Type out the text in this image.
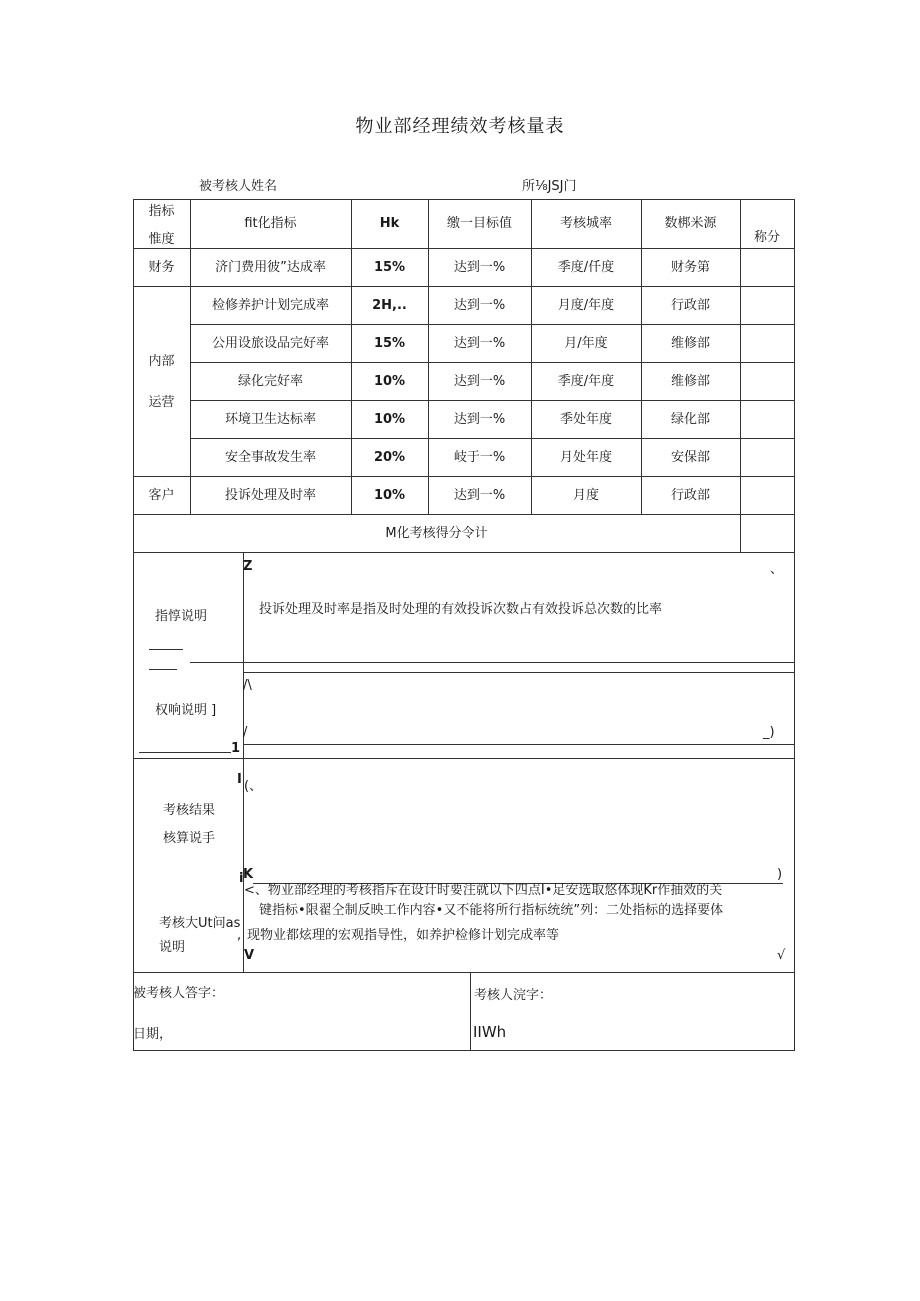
物业部经理绩效考核量表
被考核人姓名	所⅛JSJ门
指标
惟度
fit化指标	Hk	缴一目标值	考核城率	数梆米源
称分
财务	济门费用彼”达成率	15%	达到一%	季度/仟度	财务第
内部
运营
检修养护计划完成率	2H,..	达到一%	月度/年度	行政部
公用设旅设品完好率	15%	达到一%	月/年度	维修部
绿化完好率	10%	达到一%	季度/年度	维修部
环境卫生达标率	10%	达到一%	季处年度	绿化部
安全事故发生率	20%	岐于一%	月处年度	安保部
客户	投诉处理及时率	10%	达到一%	月度	行政部
M化考核得分令计
指惇说明
Z	、
投诉处理及时率是指及时处理的有效投诉次数占有效投诉总次数的比率
权响说明 ]
/\
/	_)
1
考核结果
核算说手
I (、
K	)
考核大Ut问as
说明
i
<、物业部经理的考核指斥在设计时要注就以下四点I•足安选取悠体现Kr作抽效的关
键指标•限翟仝制反映工作内容•又不能将所行指标统统”列：二处指标的选择要体
, 现物业都炫理的宏观指导性，如养护检修计划完成率等
V	√
被考核人答字：	考核人浣字：
日期，	IIWh
